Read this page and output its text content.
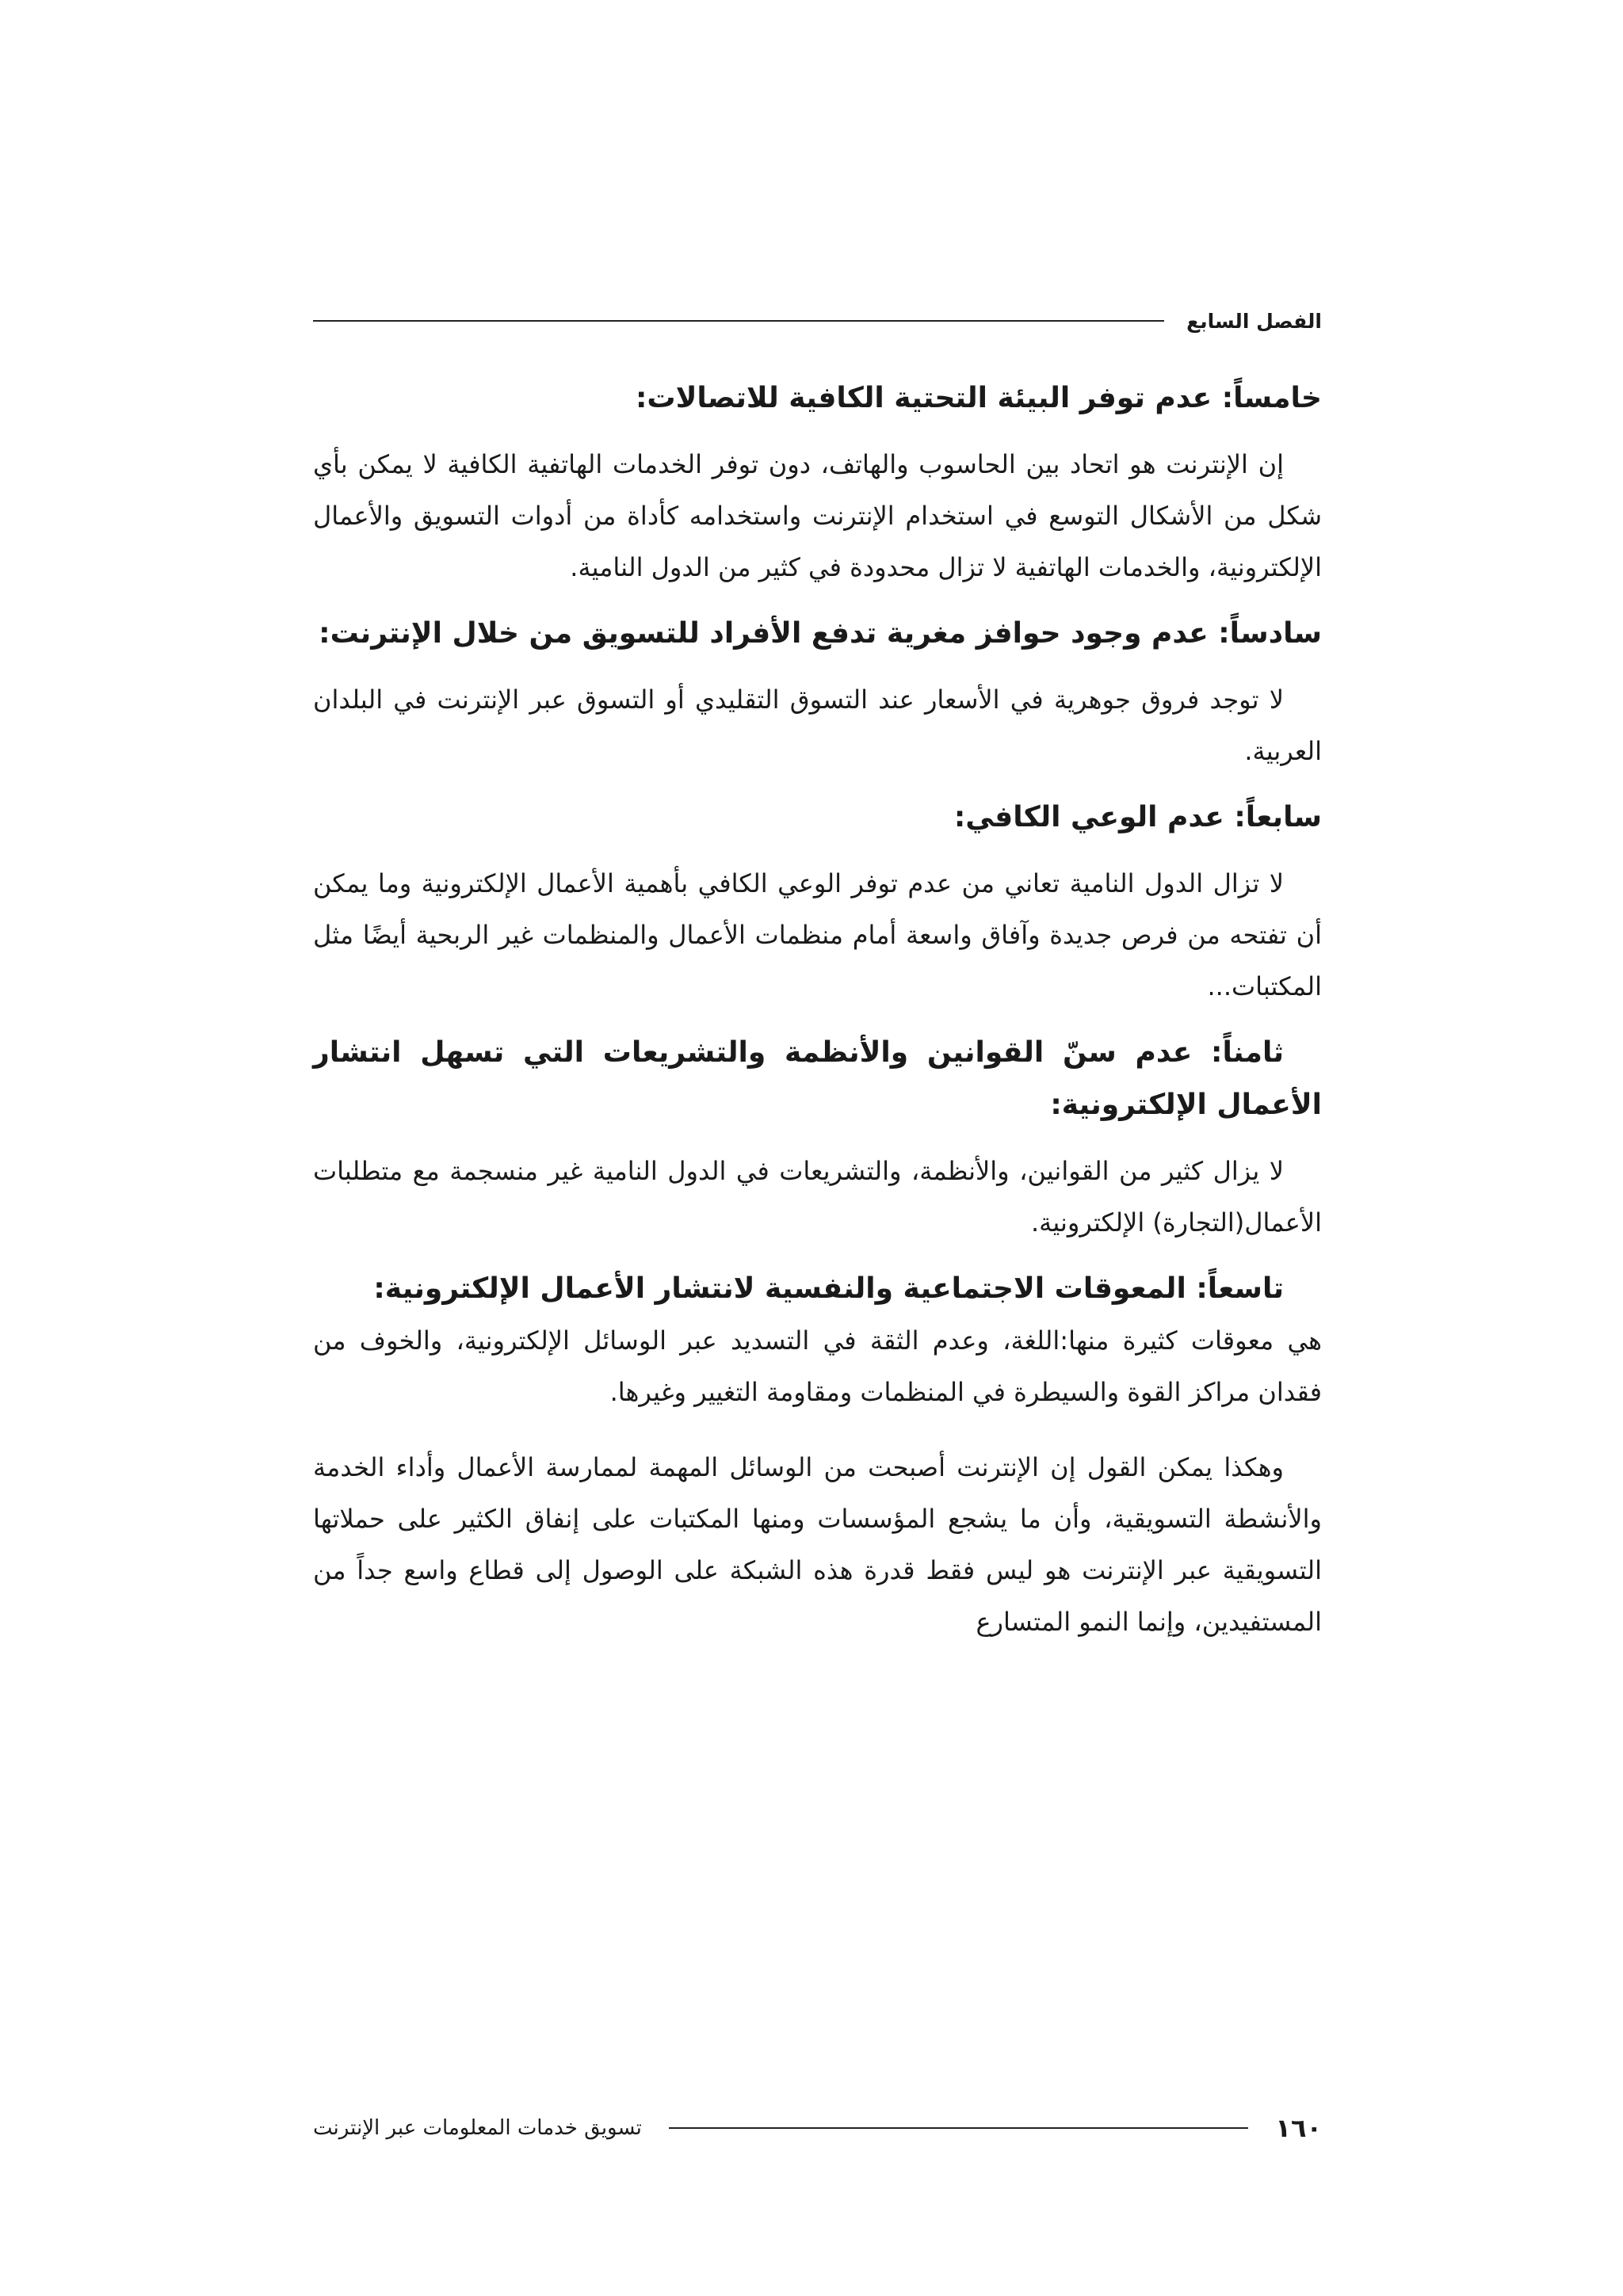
الفصل السابع
خامساً: عدم توفر البيئة التحتية الكافية للاتصالات:

إن الإنترنت هو اتحاد بين الحاسوب والهاتف، دون توفر الخدمات الهاتفية الكافية لا يمكن بأي شكل من الأشكال التوسع في استخدام الإنترنت واستخدامه كأداة من أدوات التسويق والأعمال الإلكترونية، والخدمات الهاتفية لا تزال محدودة في كثير من الدول النامية.

سادساً: عدم وجود حوافز مغرية تدفع الأفراد للتسويق من خلال الإنترنت:

لا توجد فروق جوهرية في الأسعار عند التسوق التقليدي أو التسوق عبر الإنترنت في البلدان العربية.

سابعاً: عدم الوعي الكافي:

لا تزال الدول النامية تعاني من عدم توفر الوعي الكافي بأهمية الأعمال الإلكترونية وما يمكن أن تفتحه من فرص جديدة وآفاق واسعة أمام منظمات الأعمال والمنظمات غير الربحية أيضًا مثل المكتبات...

ثامناً: عدم سنّ القوانين والأنظمة والتشريعات التي تسهل انتشار الأعمال الإلكترونية:

لا يزال كثير من القوانين، والأنظمة، والتشريعات في الدول النامية غير منسجمة مع متطلبات الأعمال(التجارة) الإلكترونية.

تاسعاً: المعوقات الاجتماعية والنفسية لانتشار الأعمال الإلكترونية:

هي معوقات كثيرة منها:اللغة، وعدم الثقة في التسديد عبر الوسائل الإلكترونية، والخوف من فقدان مراكز القوة والسيطرة في المنظمات ومقاومة التغيير وغيرها.

وهكذا يمكن القول إن الإنترنت أصبحت من الوسائل المهمة لممارسة الأعمال وأداء الخدمة والأنشطة التسويقية، وأن ما يشجع المؤسسات ومنها المكتبات على إنفاق الكثير على حملاتها التسويقية عبر الإنترنت هو ليس فقط قدرة هذه الشبكة على الوصول إلى قطاع واسع جداً من المستفيدين، وإنما النمو المتسارع

١٦٠
تسويق خدمات المعلومات عبر الإنترنت
